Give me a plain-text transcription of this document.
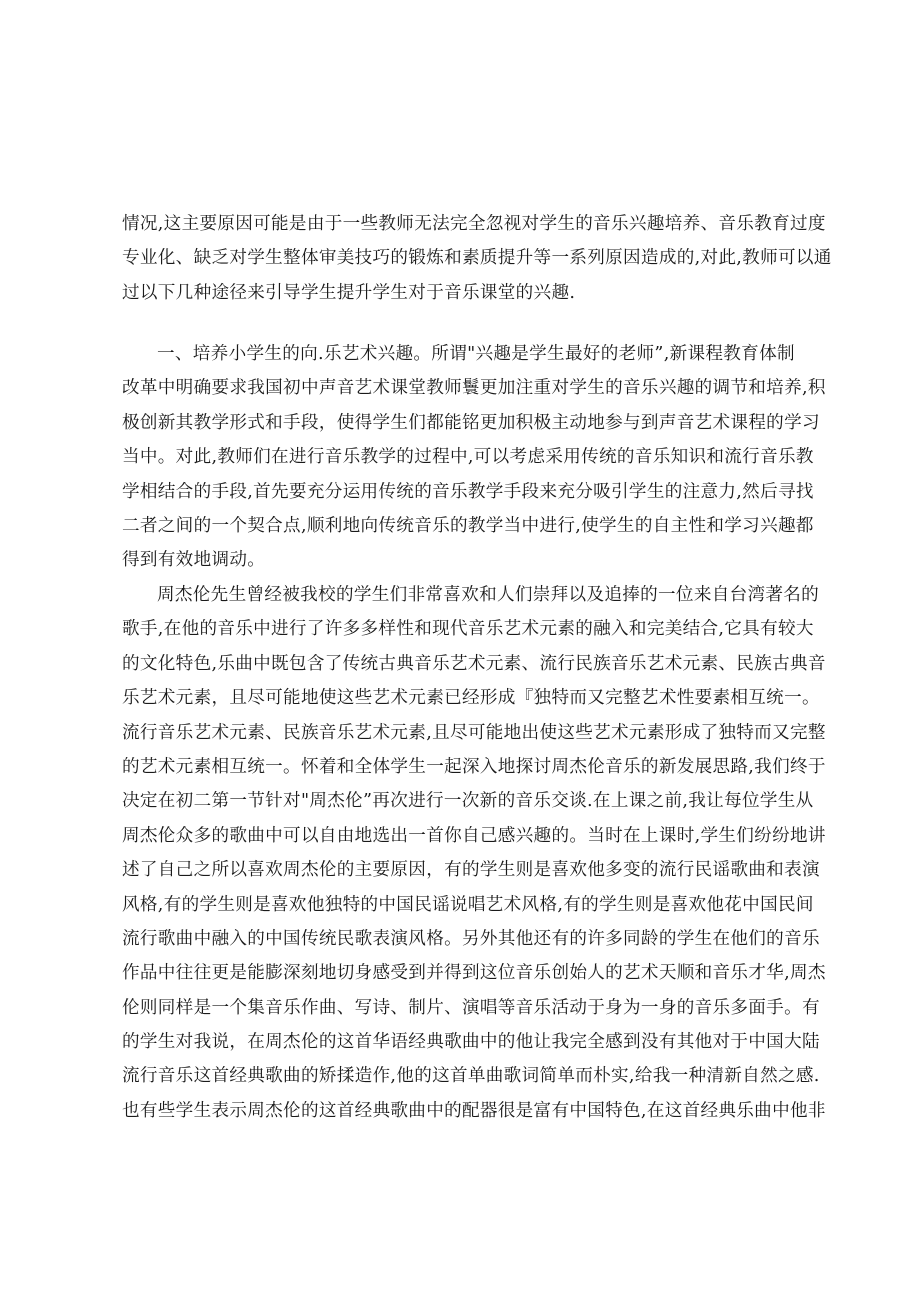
情况,这主要原因可能是由于一些教师无法完全忽视对学生的音乐兴趣培养、音乐教育过度
专业化、缺乏对学生整体审美技巧的锻炼和素质提升等一系列原因造成的,对此,教师可以通
过以下几种途径来引导学生提升学生对于音乐课堂的兴趣.

一、培养小学生的向.乐艺术兴趣。所谓"兴趣是学生最好的老师”,新课程教育体制
改革中明确要求我国初中声音艺术课堂教师鬟更加注重对学生的音乐兴趣的调节和培养,积
极创新其教学形式和手段，使得学生们都能铭更加积极主动地参与到声音艺术课程的学习
当中。对此,教师们在进行音乐教学的过程中,可以考虑采用传统的音乐知识和流行音乐教
学相结合的手段,首先要充分运用传统的音乐教学手段来充分吸引学生的注意力,然后寻找
二者之间的一个契合点,顺利地向传统音乐的教学当中进行,使学生的自主性和学习兴趣都
得到有效地调动。

周杰伦先生曾经被我校的学生们非常喜欢和人们崇拜以及追捧的一位来自台湾著名的
歌手,在他的音乐中进行了许多多样性和现代音乐艺术元素的融入和完美结合,它具有较大
的文化特色,乐曲中既包含了传统古典音乐艺术元素、流行民族音乐艺术元素、民族古典音
乐艺术元素，且尽可能地使这些艺术元素已经形成『独特而又完整艺术性要素相互统一。
流行音乐艺术元素、民族音乐艺术元素,且尽可能地出使这些艺术元素形成了独特而又完整
的艺术元素相互统一。怀着和全体学生一起深入地探讨周杰伦音乐的新发展思路,我们终于
决定在初二第一节针对"周杰伦”再次进行一次新的音乐交谈.在上课之前,我让每位学生从
周杰伦众多的歌曲中可以自由地选出一首你自己感兴趣的。当时在上课时,学生们纷纷地讲
述了自己之所以喜欢周杰伦的主要原因，有的学生则是喜欢他多变的流行民谣歌曲和表演
风格,有的学生则是喜欢他独特的中国民谣说唱艺术风格,有的学生则是喜欢他花中国民间
流行歌曲中融入的中国传统民歌表演风格。另外其他还有的许多同龄的学生在他们的音乐
作品中往往更是能膨深刻地切身感受到并得到这位音乐创始人的艺术天顺和音乐才华,周杰
伦则同样是一个集音乐作曲、写诗、制片、演唱等音乐活动于身为一身的音乐多面手。有
的学生对我说，在周杰伦的这首华语经典歌曲中的他让我完全感到没有其他对于中国大陆
流行音乐这首经典歌曲的矫揉造作,他的这首单曲歌词简单而朴实,给我一种清新自然之感.
也有些学生表示周杰伦的这首经典歌曲中的配器很是富有中国特色,在这首经典乐曲中他非
